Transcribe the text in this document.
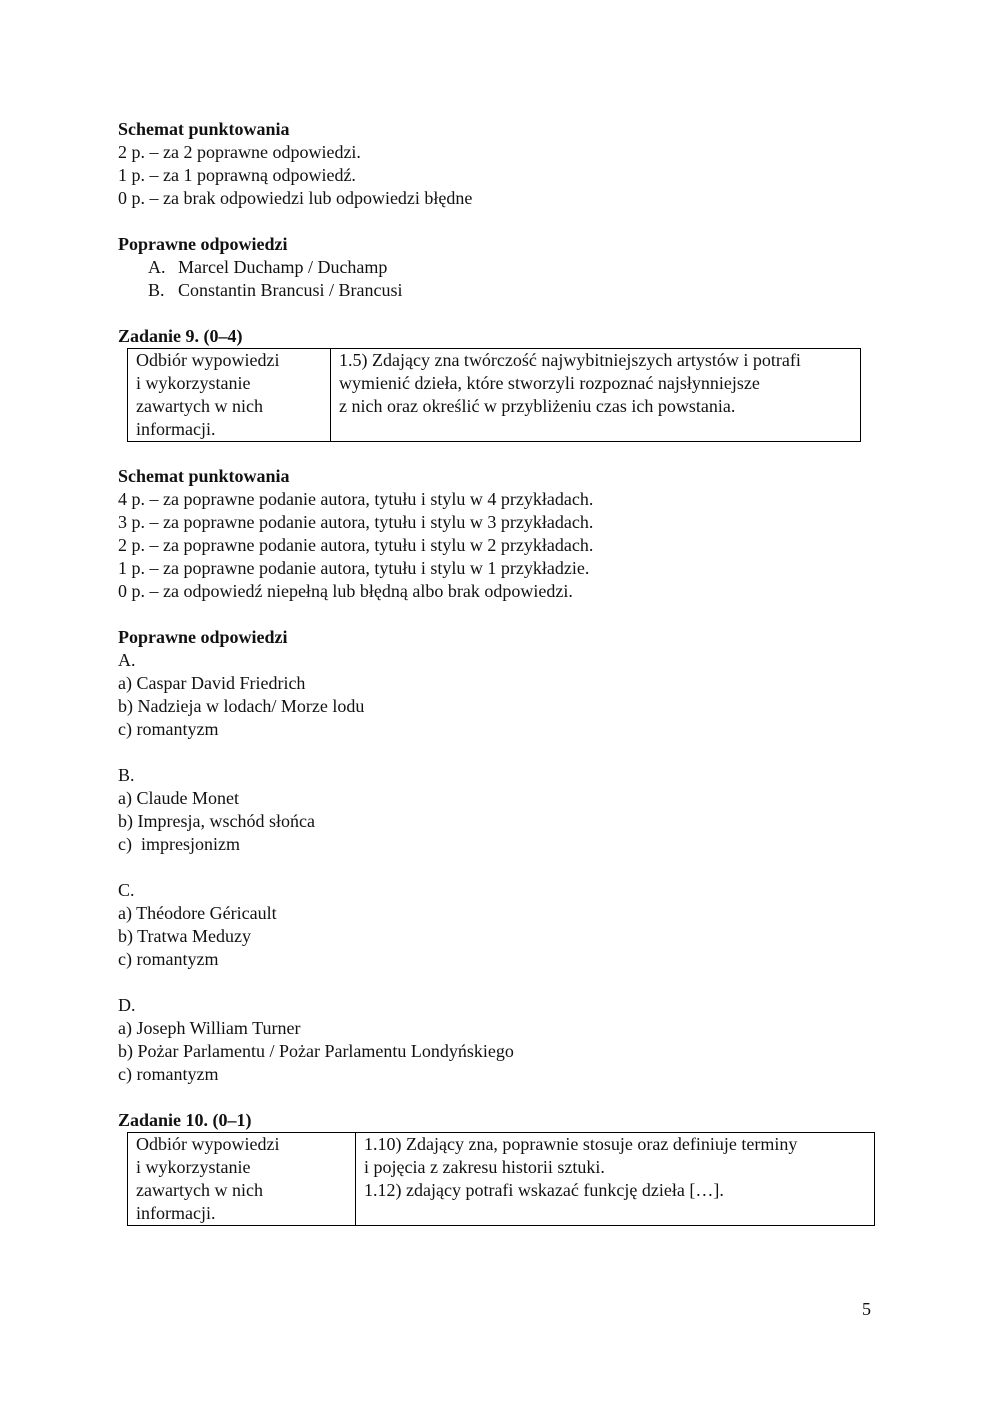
Schemat punktowania
2 p. – za 2 poprawne odpowiedzi.
1 p. – za 1 poprawną odpowiedź.
0 p. – za brak odpowiedzi lub odpowiedzi błędne
Poprawne odpowiedzi
A. Marcel Duchamp / Duchamp
B. Constantin Brancusi / Brancusi
Zadanie 9. (0–4)
Odbiór wypowiedzi
i wykorzystanie
zawartych w nich
informacji.

1.5) Zdający zna twórczość najwybitniejszych artystów i potrafi
wymienić dzieła, które stworzyli rozpoznać najsłynniejsze
z nich oraz określić w przybliżeniu czas ich powstania.
Schemat punktowania
4 p. – za poprawne podanie autora, tytułu i stylu w 4 przykładach.
3 p. – za poprawne podanie autora, tytułu i stylu w 3 przykładach.
2 p. – za poprawne podanie autora, tytułu i stylu w 2 przykładach.
1 p. – za poprawne podanie autora, tytułu i stylu w 1 przykładzie.
0 p. – za odpowiedź niepełną lub błędną albo brak odpowiedzi.
Poprawne odpowiedzi
A.
a) Caspar David Friedrich
b) Nadzieja w lodach/ Morze lodu
c) romantyzm
B.
a) Claude Monet
b) Impresja, wschód słońca
c)  impresjonizm
C.
a) Théodore Géricault
b) Tratwa Meduzy
c) romantyzm
D.
a) Joseph William Turner
b) Pożar Parlamentu / Pożar Parlamentu Londyńskiego
c) romantyzm
Zadanie 10. (0–1)
Odbiór wypowiedzi
i wykorzystanie
zawartych w nich
informacji.

1.10) Zdający zna, poprawnie stosuje oraz definiuje terminy
i pojęcia z zakresu historii sztuki.
1.12) zdający potrafi wskazać funkcję dzieła […].
5
